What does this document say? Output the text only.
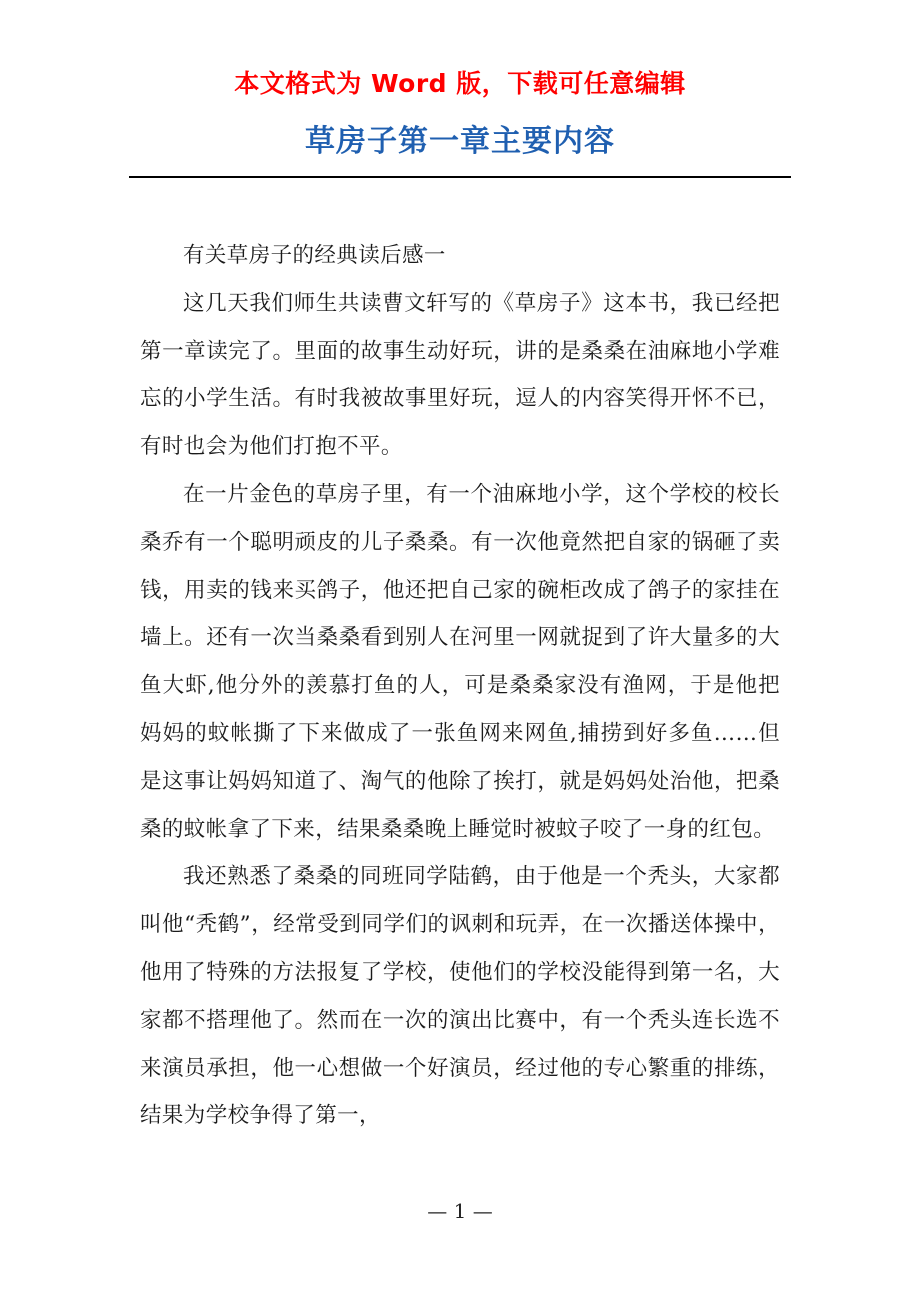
本文格式为 Word 版，下载可任意编辑
草房子第一章主要内容

有关草房子的经典读后感一

这几天我们师生共读曹文轩写的《草房子》这本书，我已经把第一章读完了。里面的故事生动好玩，讲的是桑桑在油麻地小学难忘的小学生活。有时我被故事里好玩，逗人的内容笑得开怀不已，有时也会为他们打抱不平。

在一片金色的草房子里，有一个油麻地小学，这个学校的校长桑乔有一个聪明顽皮的儿子桑桑。有一次他竟然把自家的锅砸了卖钱，用卖的钱来买鸽子，他还把自己家的碗柜改成了鸽子的家挂在墙上。还有一次当桑桑看到别人在河里一网就捉到了许大量多的大鱼大虾,他分外的羡慕打鱼的人，可是桑桑家没有渔网，于是他把妈妈的蚊帐撕了下来做成了一张鱼网来网鱼,捕捞到好多鱼……但是这事让妈妈知道了、淘气的他除了挨打，就是妈妈处治他，把桑桑的蚊帐拿了下来，结果桑桑晚上睡觉时被蚊子咬了一身的红包。

我还熟悉了桑桑的同班同学陆鹤，由于他是一个秃头，大家都叫他“秃鹤”，经常受到同学们的讽刺和玩弄，在一次播送体操中，他用了特殊的方法报复了学校，使他们的学校没能得到第一名，大家都不搭理他了。然而在一次的演出比赛中，有一个秃头连长选不来演员承担，他一心想做一个好演员，经过他的专心繁重的排练，结果为学校争得了第一，

— 1 —
